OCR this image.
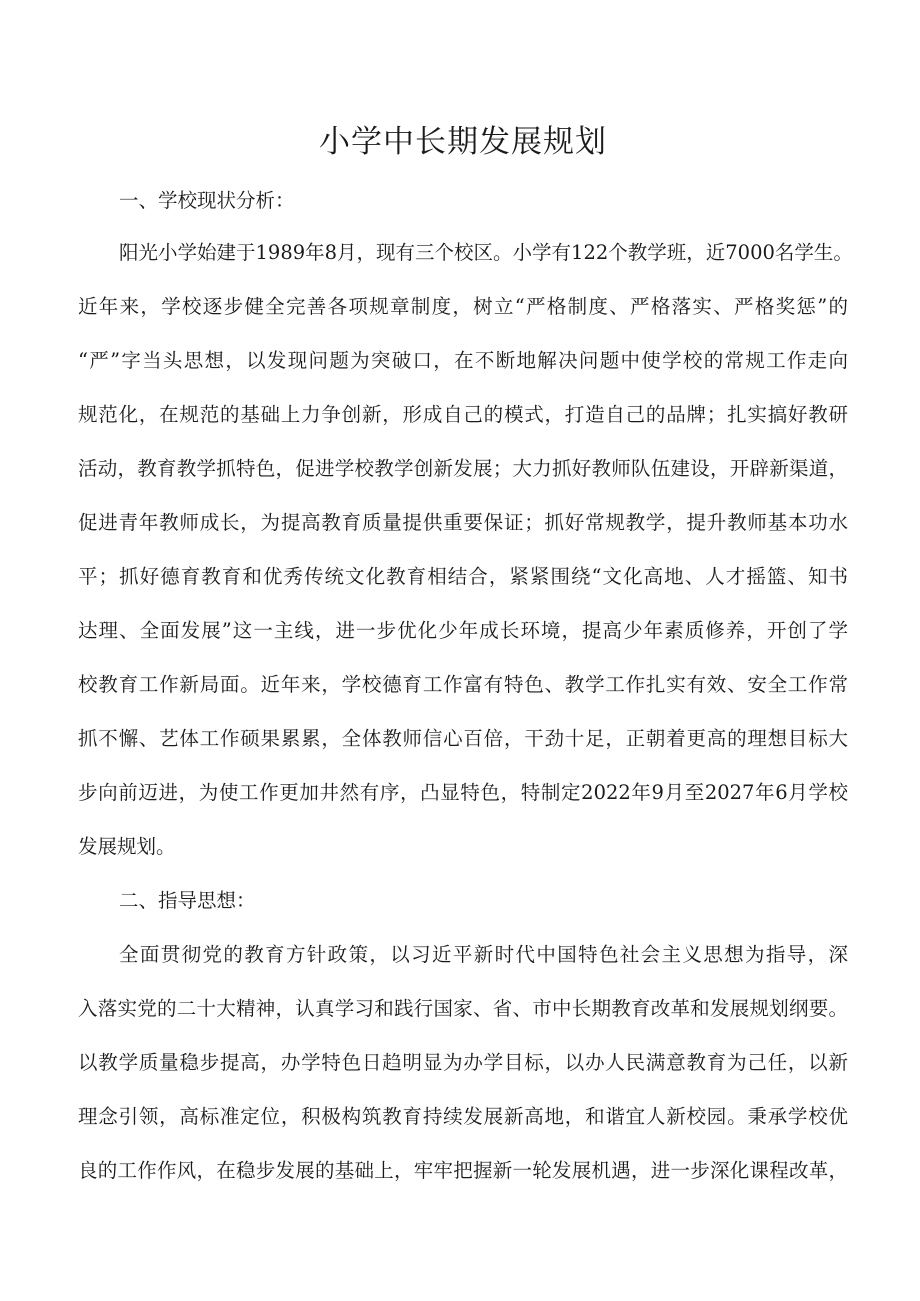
小学中长期发展规划
一、学校现状分析：
阳光小学始建于1989年8月，现有三个校区。小学有122个教学班，近7000名学生。
近年来，学校逐步健全完善各项规章制度，树立“严格制度、严格落实、严格奖惩”的
“严”字当头思想，以发现问题为突破口，在不断地解决问题中使学校的常规工作走向
规范化，在规范的基础上力争创新，形成自己的模式，打造自己的品牌；扎实搞好教研
活动，教育教学抓特色，促进学校教学创新发展；大力抓好教师队伍建设，开辟新渠道，
促进青年教师成长，为提高教育质量提供重要保证；抓好常规教学，提升教师基本功水
平；抓好德育教育和优秀传统文化教育相结合，紧紧围绕“文化高地、人才摇篮、知书
达理、全面发展”这一主线，进一步优化少年成长环境，提高少年素质修养，开创了学
校教育工作新局面。近年来，学校德育工作富有特色、教学工作扎实有效、安全工作常
抓不懈、艺体工作硕果累累，全体教师信心百倍，干劲十足，正朝着更高的理想目标大
步向前迈进，为使工作更加井然有序，凸显特色，特制定2022年9月至2027年6月学校
发展规划。
二、指导思想：
全面贯彻党的教育方针政策，以习近平新时代中国特色社会主义思想为指导，深
入落实党的二十大精神，认真学习和践行国家、省、市中长期教育改革和发展规划纲要。
以教学质量稳步提高，办学特色日趋明显为办学目标，以办人民满意教育为己任，以新
理念引领，高标准定位，积极构筑教育持续发展新高地，和谐宜人新校园。秉承学校优
良的工作作风，在稳步发展的基础上，牢牢把握新一轮发展机遇，进一步深化课程改革，
